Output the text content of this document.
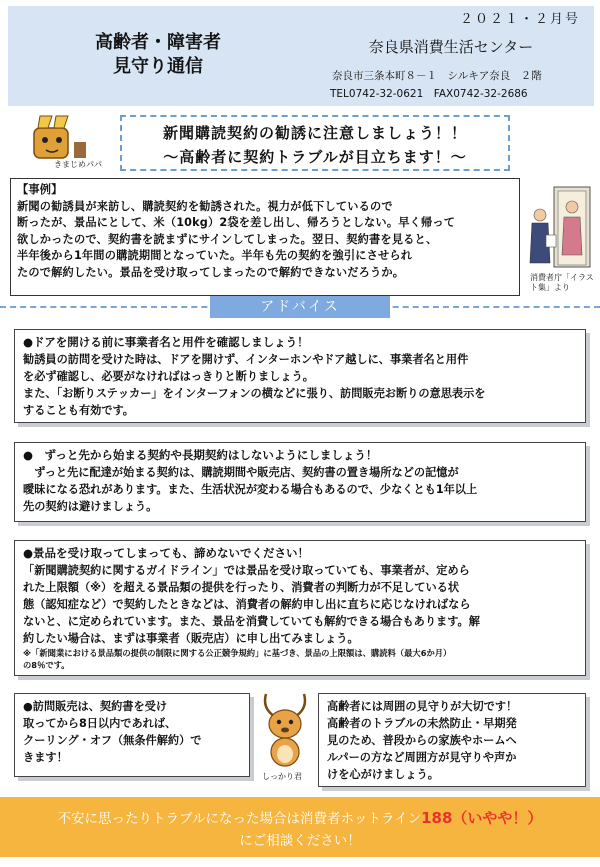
高齢者・障害者
見守り通信
２０２１・２月号
奈良県消費生活センター
奈良市三条本町８－１　シルキア奈良　２階
TEL0742-32-0621　FAX0742-32-2686
きまじめパパ
新聞購読契約の勧誘に注意しましょう！！
～高齢者に契約トラブルが目立ちます！～

【事例】

新聞の勧誘員が来訪し、購読契約を勧誘された。視力が低下しているので

断ったが、景品にとして、米（10kg）2袋を差し出し、帰ろうとしない。早く帰って

欲しかったので、契約書を読まずにサインしてしまった。翌日、契約書を見ると、

半年後から1年間の購読期間となっていた。半年も先の契約を強引にさせられ

たので解約したい。景品を受け取ってしまったので解約できないだろうか。	消費者庁「イラスト集」より
アドバイス
●ドアを開ける前に事業者名と用件を確認しましょう！
勧誘員の訪問を受けた時は、ドアを開けず、インターホンやドア越しに、事業者名と用件
を必ず確認し、必要がなければはっきりと断りましょう。
また、「お断りステッカー」をインターフォンの横などに張り、訪問販売お断りの意思表示を
することも有効です。
●　ずっと先から始まる契約や長期契約はしないようにしましょう！
　ずっと先に配達が始まる契約は、購読期間や販売店、契約書の置き場所などの記憶が
曖昧になる恐れがあります。また、生活状況が変わる場合もあるので、少なくとも1年以上
先の契約は避けましょう。
●景品を受け取ってしまっても、諦めないでください！
「新聞購読契約に関するガイドライン」では景品を受け取っていても、事業者が、定めら
れた上限額（※）を超える景品類の提供を行ったり、消費者の判断力が不足している状
態（認知症など）で契約したときなどは、消費者の解約申し出に直ちに応じなければなら
ないと、に定められています。また、景品を消費していても解約できる場合もあります。解
約したい場合は、まずは事業者（販売店）に申し出てみましょう。
※「新聞業における景品類の提供の制限に関する公正競争規約」に基づき、景品の上限額は、購読料（最大6か月）
の8％です。
●訪問販売は、契約書を受け
取ってから8日以内であれば、
クーリング・オフ（無条件解約）で
きます！
しっかり君
高齢者には周囲の見守りが大切です！
高齢者のトラブルの未然防止・早期発
見のため、普段からの家族やホームヘ
ルパーの方など周囲方が見守りや声か
けを心がけましょう。
不安に思ったりトラブルになった場合は消費者ホットライン188（いやや！）
にご相談ください！
